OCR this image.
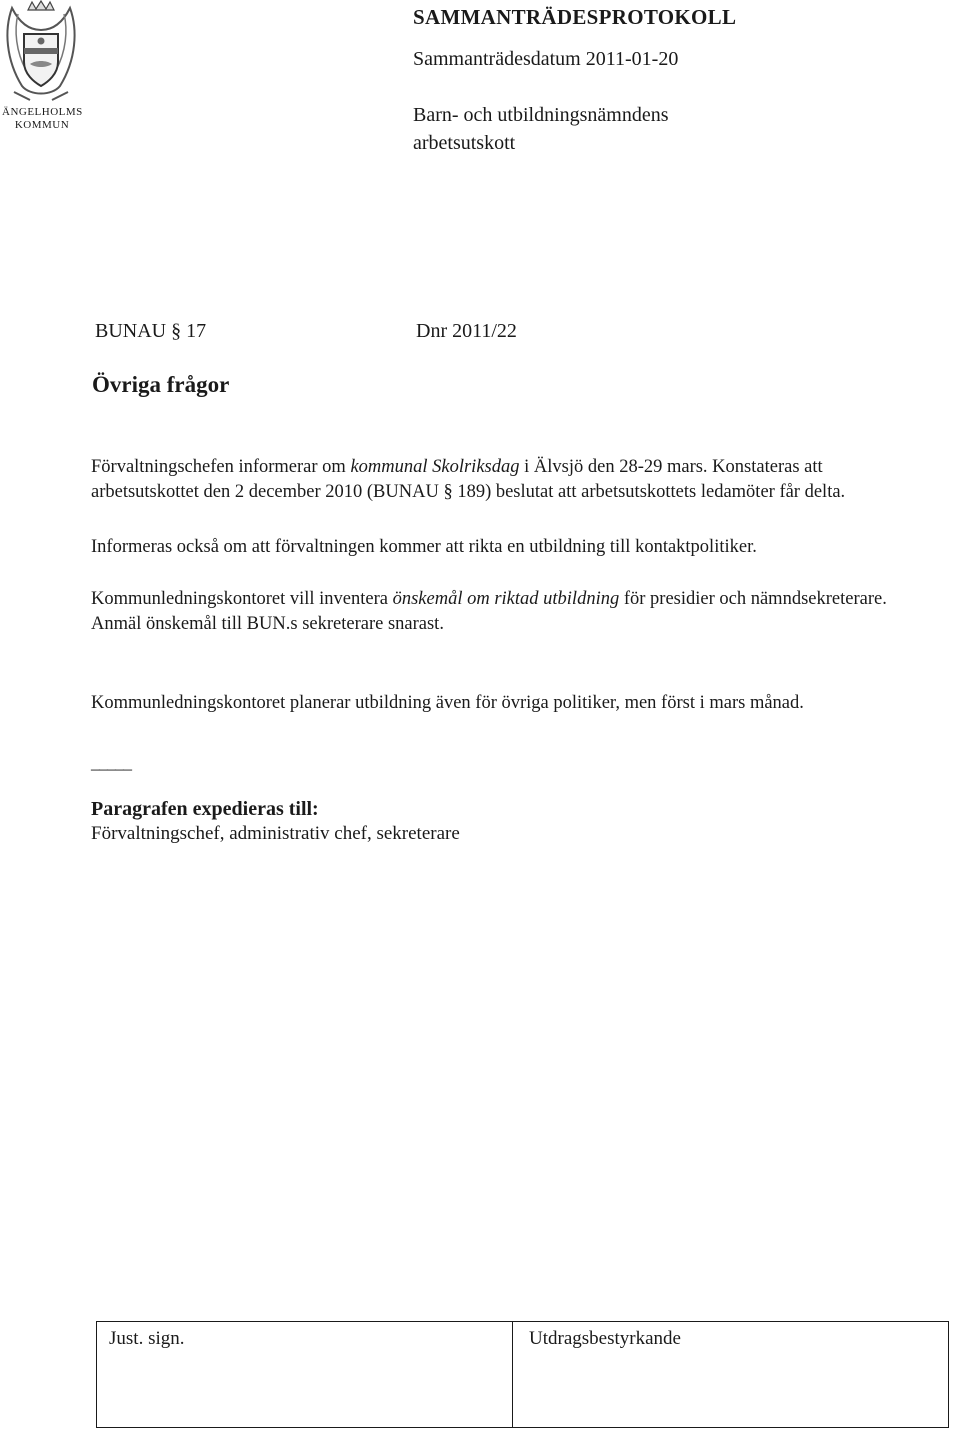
ÄNGELHOLMS
KOMMUN
SAMMANTRÄDESPROTOKOLL
Sammanträdesdatum 2011-01-20
Barn- och utbildningsnämndens
arbetsutskott
BUNAU § 17	Dnr 2011/22
Övriga frågor
Förvaltningschefen informerar om kommunal Skolriksdag i Älvsjö den 28-29 mars. Konstateras att arbetsutskottet den 2 december 2010 (BUNAU § 189) beslutat att arbetsutskottets ledamöter får delta.
Informeras också om att förvaltningen kommer att rikta en utbildning till kontaktpolitiker.
Kommunledningskontoret vill inventera önskemål om riktad utbildning för presidier och nämndsekreterare.
Anmäl önskemål till BUN.s sekreterare snarast.
Kommunledningskontoret planerar utbildning även för övriga politiker, men först i mars månad.
_____
Paragrafen expedieras till:
Förvaltningschef, administrativ chef, sekreterare
Just. sign.	Utdragsbestyrkande
